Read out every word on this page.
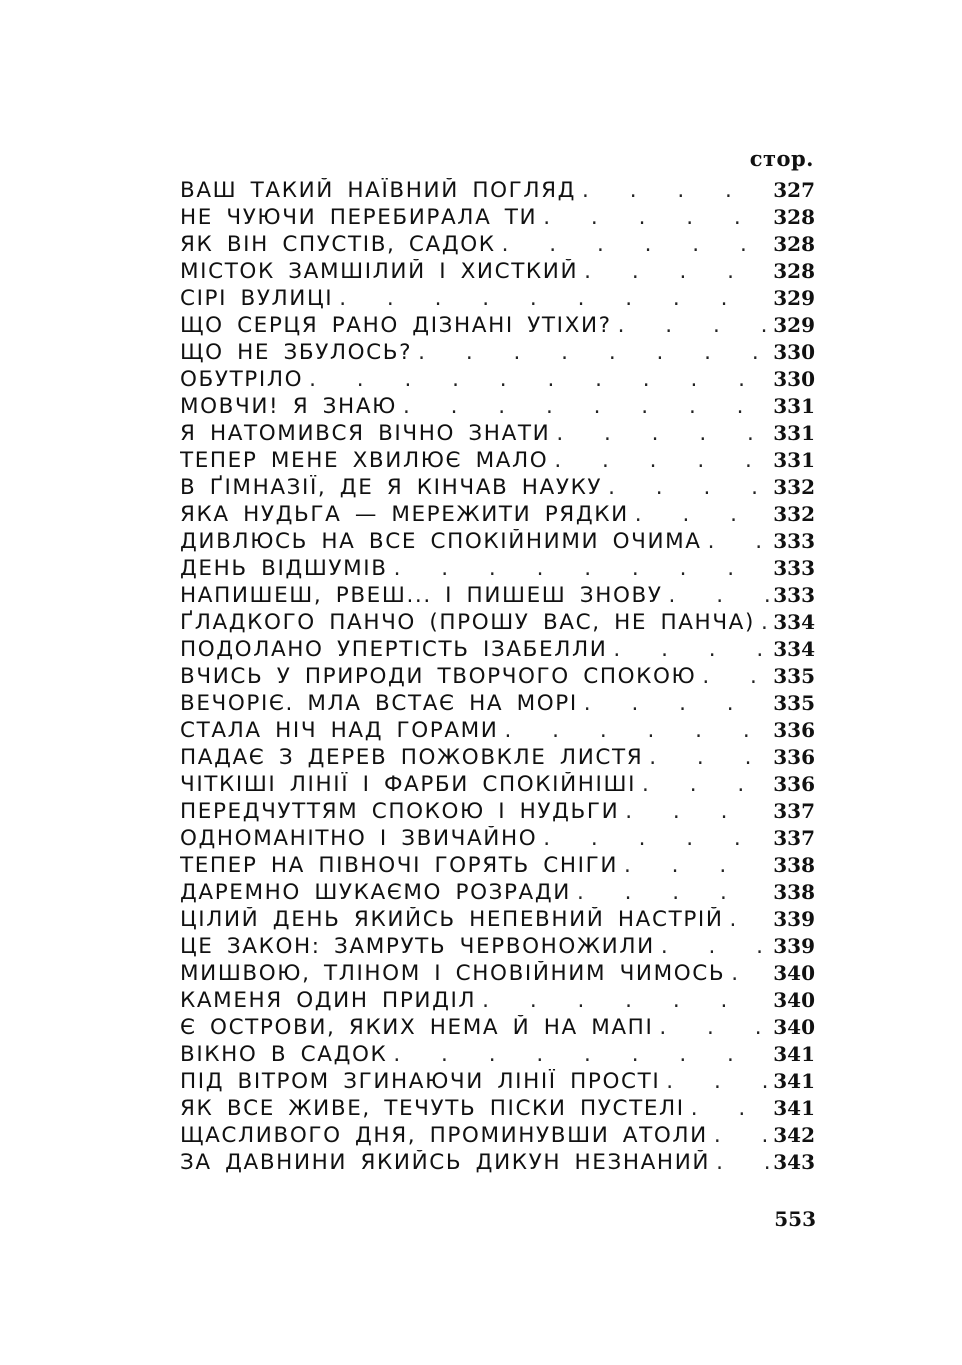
стор.
ВАШ ТАКИЙ НАЇВНИЙ ПОГЛЯД . . .	327
НЕ ЧУЮЧИ ПЕРЕБИРАЛА ТИ . . .	328
ЯК ВІН СПУСТІВ, САДОК . . .	328
МІСТОК ЗАМШІЛИЙ І ХИСТКИЙ . . .	328
СІРІ ВУЛИЦІ . . .	329
ЩО СЕРЦЯ РАНО ДІЗНАНІ УТІХИ? . . .	329
ЩО НЕ ЗБУЛОСЬ? . . .	330
ОБУТРІЛО . . .	330
МОВЧИ! Я ЗНАЮ . . .	331
Я НАТОМИВСЯ ВІЧНО ЗНАТИ . . .	331
ТЕПЕР МЕНЕ ХВИЛЮЄ МАЛО . . .	331
В ҐІМНАЗІЇ, ДЕ Я КІНЧАВ НАУКУ . . .	332
ЯКА НУДЬГА — МЕРЕЖИТИ РЯДКИ . . .	332
ДИВЛЮСЬ НА ВСЕ СПОКІЙНИМИ ОЧИМА . . .	333
ДЕНЬ ВІДШУМІВ . . .	333
НАПИШЕШ, РВЕШ... І ПИШЕШ ЗНОВУ . . .	333
ҐЛАДКОГО ПАНЧО (ПРОШУ ВАС, НЕ ПАНЧА) . . . 334
ПОДОЛАНО УПЕРТІСТЬ ІЗАБЕЛЛИ . . .	334
ВЧИСЬ У ПРИРОДИ ТВОРЧОГО СПОКОЮ . . .	335
ВЕЧОРІЄ. МЛА ВСТАЄ НА МОРІ . . .	335
СТАЛА НІЧ НАД ГОРАМИ . . .	336
ПАДАЄ З ДЕРЕВ ПОЖОВКЛЕ ЛИСТЯ . . .	336
ЧІТКІШІ ЛІНІЇ І ФАРБИ СПОКІЙНІШІ . . .	336
ПЕРЕДЧУТТЯМ СПОКОЮ І НУДЬГИ . . .	337
ОДНОМАНІТНО І ЗВИЧАЙНО . . .	337
ТЕПЕР НА ПІВНОЧІ ГОРЯТЬ СНІГИ . . .	338
ДАРЕМНО ШУКАЄМО РОЗРАДИ . . .	338
ЦІЛИЙ ДЕНЬ ЯКИЙСЬ НЕПЕВНИЙ НАСТРІЙ . . .	339
ЦЕ ЗАКОН: ЗАМРУТЬ ЧЕРВОНОЖИЛИ . . .	339
МИШВОЮ, ТЛІНОМ І СНОВІЙНИМ ЧИМОСЬ . . .	340
КАМЕНЯ ОДИН ПРИДІЛ . . .	340
Є ОСТРОВИ, ЯКИХ НЕМА Й НА МАПІ . . .	340
ВІКНО В САДОК . . .	341
ПІД ВІТРОМ ЗГИНАЮЧИ ЛІНІЇ ПРОСТІ . . .	341
ЯК ВСЕ ЖИВЕ, ТЕЧУТЬ ПІСКИ ПУСТЕЛІ . . .	341
ЩАСЛИВОГО ДНЯ, ПРОМИНУВШИ АТОЛИ . . .	342
ЗА ДАВНИНИ ЯКИЙСЬ ДИКУН НЕЗНАНИЙ . . .	343
553
